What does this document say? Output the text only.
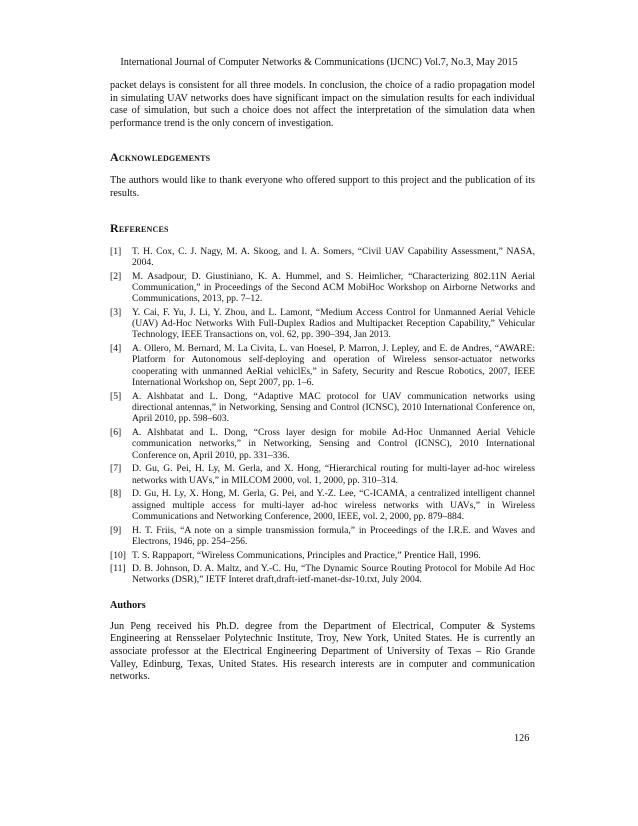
International Journal of Computer Networks & Communications (IJCNC) Vol.7, No.3, May 2015

packet delays is consistent for all three models. In conclusion, the choice of a radio propagation model in simulating UAV networks does have significant impact on the simulation results for each individual case of simulation, but such a choice does not affect the interpretation of the simulation data when performance trend is the only concern of investigation.

Acknowledgements

The authors would like to thank everyone who offered support to this project and the publication of its results.

References
[1]	T. H. Cox, C. J. Nagy, M. A. Skoog, and I. A. Somers, “Civil UAV Capability Assessment,” NASA, 2004.
[2]	M. Asadpour, D. Giustiniano, K. A. Hummel, and S. Heimlicher, “Characterizing 802.11N Aerial Communication,” in Proceedings of the Second ACM MobiHoc Workshop on Airborne Networks and Communications, 2013, pp. 7–12.
[3]	Y. Cai, F. Yu, J. Li, Y. Zhou, and L. Lamont, “Medium Access Control for Unmanned Aerial Vehicle (UAV) Ad-Hoc Networks With Full-Duplex Radios and Multipacket Reception Capability,” Vehicular Technology, IEEE Transactions on, vol. 62, pp. 390–394, Jan 2013.
[4]	A. Ollero, M. Bernard, M. La Civita, L. van Hoesel, P. Marron, J. Lepley, and E. de Andres, “AWARE: Platform for Autonomous self-deploying and operation of Wireless sensor-actuator networks cooperating with unmanned AeRial vehiclEs,” in Safety, Security and Rescue Robotics, 2007, IEEE International Workshop on, Sept 2007, pp. 1–6.
[5]	A. Alshbatat and L. Dong, “Adaptive MAC protocol for UAV communication networks using directional antennas,” in Networking, Sensing and Control (ICNSC), 2010 International Conference on, April 2010, pp. 598–603.
[6]	A. Alshbatat and L. Dong, “Cross layer design for mobile Ad-Hoc Unmanned Aerial Vehicle communication networks,” in Networking, Sensing and Control (ICNSC), 2010 International Conference on, April 2010, pp. 331–336.
[7]	D. Gu, G. Pei, H. Ly, M. Gerla, and X. Hong, “Hierarchical routing for multi-layer ad-hoc wireless networks with UAVs,” in MILCOM 2000, vol. 1, 2000, pp. 310–314.
[8]	D. Gu, H. Ly, X. Hong, M. Gerla, G. Pei, and Y.-Z. Lee, “C-ICAMA, a centralized intelligent channel assigned multiple access for multi-layer ad-hoc wireless networks with UAVs,” in Wireless Communications and Networking Conference, 2000, IEEE, vol. 2, 2000, pp. 879–884.
[9]	H. T. Friis, “A note on a simple transmission formula,” in Proceedings of the I.R.E. and Waves and Electrons, 1946, pp. 254–256.
[10] T. S. Rappaport, “Wireless Communications, Principles and Practice,” Prentice Hall, 1996.
[11] D. B. Johnson, D. A. Maltz, and Y.-C. Hu, “The Dynamic Source Routing Protocol for Mobile Ad Hoc Networks (DSR),” IETF Interet draft,draft-ietf-manet-dsr-10.txt, July 2004.
Authors

Jun Peng received his Ph.D. degree from the Department of Electrical, Computer & Systems Engineering at Rensselaer Polytechnic Institute, Troy, New York, United States. He is currently an associate professor at the Electrical Engineering Department of University of Texas – Rio Grande Valley, Edinburg, Texas, United States. His research interests are in computer and communication networks.

126
